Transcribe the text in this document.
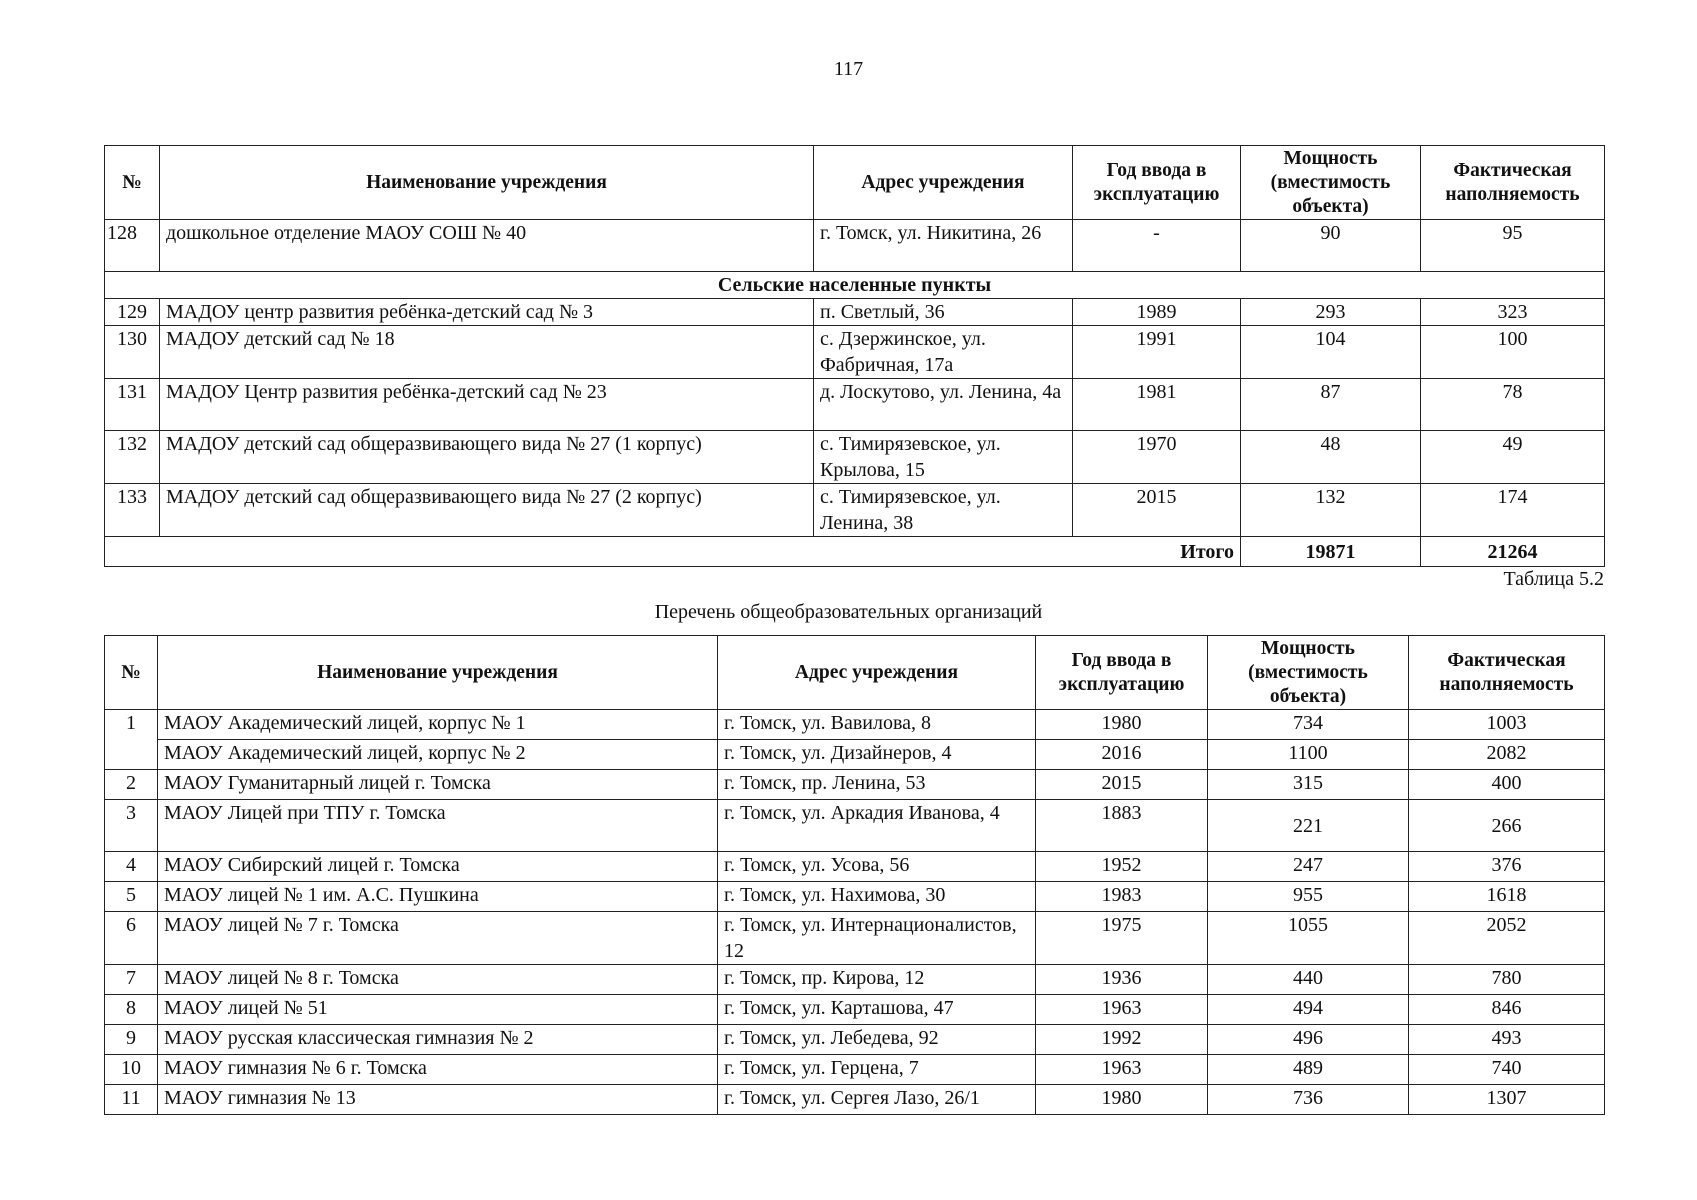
117
№	Наименование учреждения	Адрес учреждения	Год ввода в эксплуатацию	Мощность (вместимость объекта)	Фактическая наполняемость
128	дошкольное отделение МАОУ СОШ № 40	г. Томск, ул. Никитина, 26	-	90	95
Сельские населенные пункты					
129	МАДОУ центр развития ребёнка-детский сад № 3	п. Светлый, 36	1989	293	323
130	МАДОУ детский сад № 18	с. Дзержинское, ул. Фабричная, 17а	1991	104	100
131	МАДОУ Центр развития ребёнка-детский сад № 23	д. Лоскутово, ул. Ленина, 4а	1981	87	78
132	МАДОУ детский сад общеразвивающего вида № 27 (1 корпус)	с. Тимирязевское, ул. Крылова, 15	1970	48	49
133	МАДОУ детский сад общеразвивающего вида № 27 (2 корпус)	с. Тимирязевское, ул. Ленина, 38	2015	132	174
Итого				19871	21264
Таблица 5.2
Перечень общеобразовательных организаций
№	Наименование учреждения	Адрес учреждения	Год ввода в эксплуатацию	Мощность (вместимость объекта)	Фактическая наполняемость
1	МАОУ Академический лицей, корпус № 1	г. Томск, ул. Вавилова, 8	1980	734	1003
	МАОУ Академический лицей, корпус № 2	г. Томск, ул. Дизайнеров, 4	2016	1100	2082
2	МАОУ Гуманитарный лицей г. Томска	г. Томск, пр. Ленина, 53	2015	315	400
3	МАОУ Лицей при ТПУ г. Томска	г. Томск, ул. Аркадия Иванова, 4	1883	221	266
4	МАОУ Сибирский лицей г. Томска	г. Томск, ул. Усова, 56	1952	247	376
5	МАОУ лицей № 1 им. А.С. Пушкина	г. Томск, ул. Нахимова, 30	1983	955	1618
6	МАОУ лицей № 7 г. Томска	г. Томск, ул. Интернационалистов, 12	1975	1055	2052
7	МАОУ лицей № 8 г. Томска	г. Томск, пр. Кирова, 12	1936	440	780
8	МАОУ лицей № 51	г. Томск, ул. Карташова, 47	1963	494	846
9	МАОУ русская классическая гимназия № 2	г. Томск, ул. Лебедева, 92	1992	496	493
10	МАОУ гимназия № 6 г. Томска	г. Томск, ул. Герцена, 7	1963	489	740
11	МАОУ гимназия № 13	г. Томск, ул. Сергея Лазо, 26/1	1980	736	1307
